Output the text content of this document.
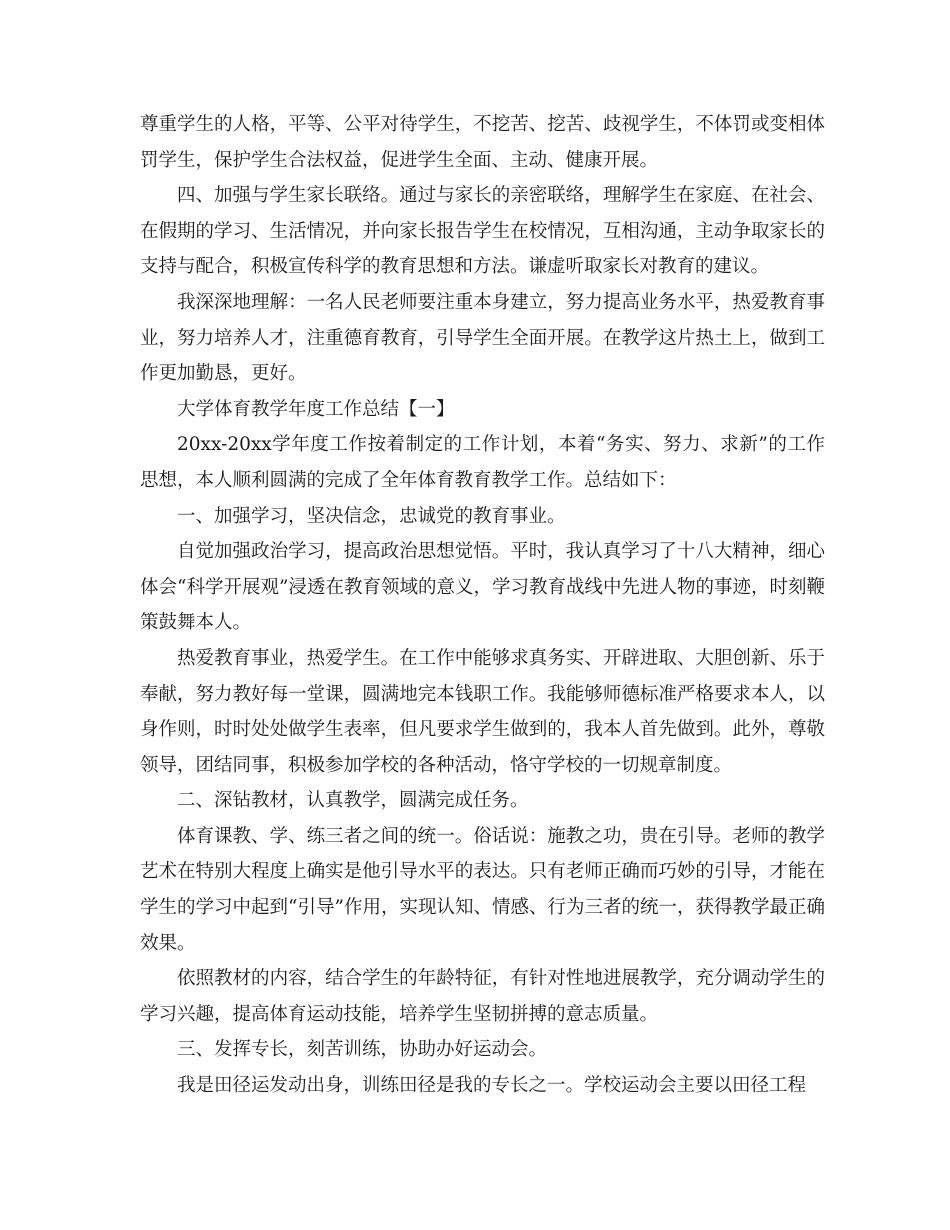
尊重学生的人格，平等、公平对待学生，不挖苦、挖苦、歧视学生，不体罚或变相体罚学生，保护学生合法权益，促进学生全面、主动、健康开展。

四、加强与学生家长联络。通过与家长的亲密联络，理解学生在家庭、在社会、在假期的学习、生活情况，并向家长报告学生在校情况，互相沟通，主动争取家长的支持与配合，积极宣传科学的教育思想和方法。谦虚听取家长对教育的建议。

我深深地理解：一名人民老师要注重本身建立，努力提高业务水平，热爱教育事业，努力培养人才，注重德育教育，引导学生全面开展。在教学这片热土上，做到工作更加勤恳，更好。

大学体育教学年度工作总结【一】

20xx-20xx学年度工作按着制定的工作计划，本着“务实、努力、求新”的工作思想，本人顺利圆满的完成了全年体育教育教学工作。总结如下：

一、加强学习，坚决信念，忠诚党的教育事业。

自觉加强政治学习，提高政治思想觉悟。平时，我认真学习了十八大精神，细心体会“科学开展观”浸透在教育领域的意义，学习教育战线中先进人物的事迹，时刻鞭策鼓舞本人。

热爱教育事业，热爱学生。在工作中能够求真务实、开辟进取、大胆创新、乐于奉献，努力教好每一堂课，圆满地完本钱职工作。我能够师德标准严格要求本人，以身作则，时时处处做学生表率，但凡要求学生做到的，我本人首先做到。此外，尊敬领导，团结同事，积极参加学校的各种活动，恪守学校的一切规章制度。

二、深钻教材，认真教学，圆满完成任务。

体育课教、学、练三者之间的统一。俗话说：施教之功，贵在引导。老师的教学艺术在特别大程度上确实是他引导水平的表达。只有老师正确而巧妙的引导，才能在学生的学习中起到“引导”作用，实现认知、情感、行为三者的统一，获得教学最正确效果。

依照教材的内容，结合学生的年龄特征，有针对性地进展教学，充分调动学生的学习兴趣，提高体育运动技能，培养学生坚韧拼搏的意志质量。

三、发挥专长，刻苦训练，协助办好运动会。

我是田径运发动出身，训练田径是我的专长之一。学校运动会主要以田径工程
